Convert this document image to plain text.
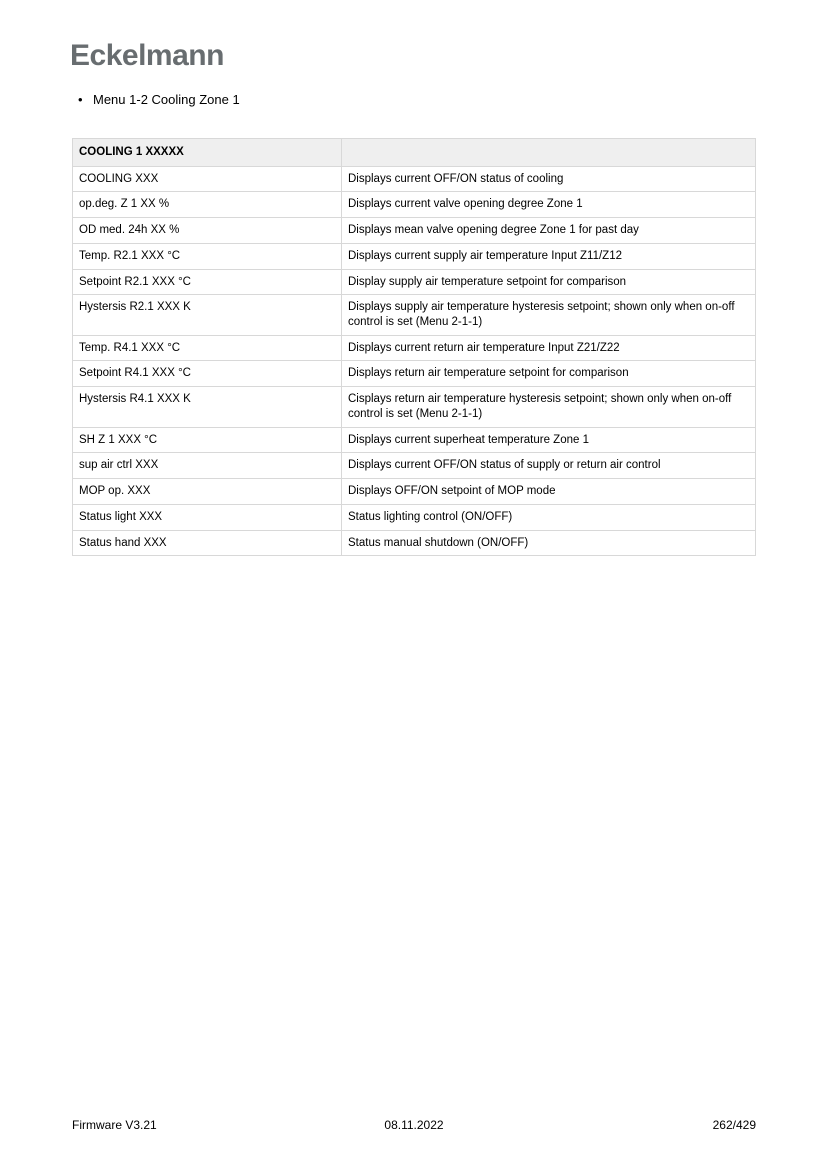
Eckelmann
• Menu 1-2 Cooling Zone 1
COOLING 1 XXXXX	
COOLING XXX	Displays current OFF/ON status of cooling
op.deg. Z 1 XX %	Displays current valve opening degree Zone 1
OD med. 24h XX %	Displays mean valve opening degree Zone 1 for past day
Temp. R2.1 XXX °C	Displays current supply air temperature Input Z11/Z12
Setpoint R2.1 XXX °C	Display supply air temperature setpoint for comparison
Hystersis R2.1 XXX K	Displays supply air temperature hysteresis setpoint; shown only when on-off control is set (Menu 2-1-1)
Temp. R4.1 XXX °C	Displays current return air temperature Input Z21/Z22
Setpoint R4.1 XXX °C	Displays return air temperature setpoint for comparison
Hystersis R4.1 XXX K	Cisplays return air temperature hysteresis setpoint; shown only when on-off control is set (Menu 2-1-1)
SH Z 1 XXX °C	Displays current superheat temperature Zone 1
sup air ctrl XXX	Displays current OFF/ON status of supply or return air control
MOP op. XXX	Displays OFF/ON setpoint of MOP mode
Status light XXX	Status lighting control (ON/OFF)
Status hand XXX	Status manual shutdown (ON/OFF)
Firmware V3.21	08.11.2022	262/429
